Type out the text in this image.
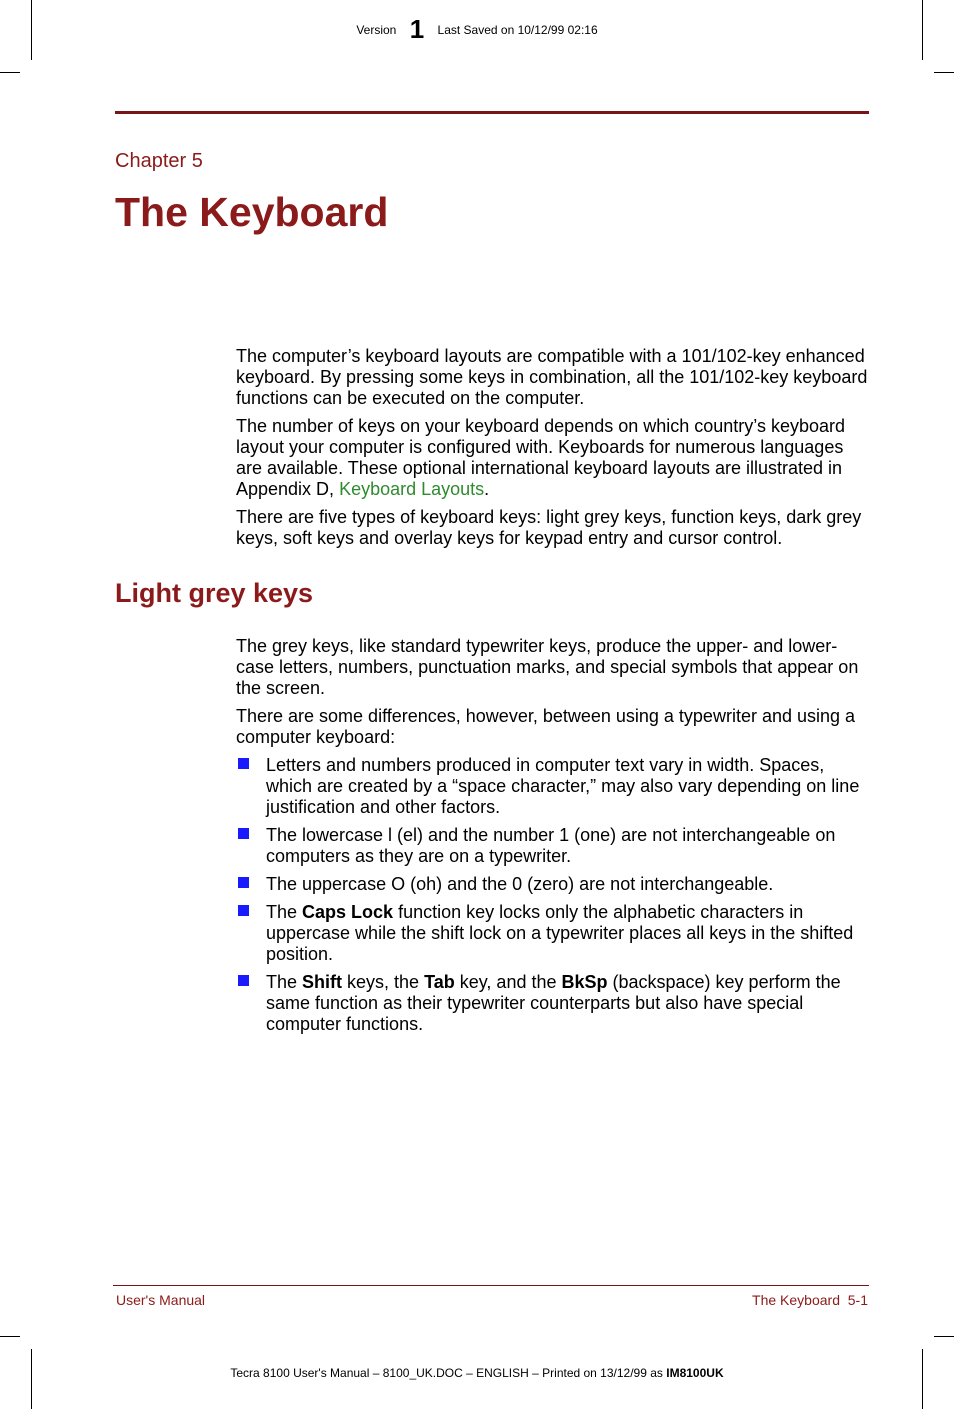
Version 1 Last Saved on 10/12/99 02:16
Chapter 5
The Keyboard

The computer’s keyboard layouts are compatible with a 101/102-key enhanced keyboard. By pressing some keys in combination, all the 101/102-key keyboard functions can be executed on the computer.

The number of keys on your keyboard depends on which country’s keyboard layout your computer is configured with. Keyboards for numerous languages are available. These optional international keyboard layouts are illustrated in Appendix D, Keyboard Layouts.

There are five types of keyboard keys: light grey keys, function keys, dark grey keys, soft keys and overlay keys for keypad entry and cursor control.

Light grey keys

The grey keys, like standard typewriter keys, produce the upper- and lower-case letters, numbers, punctuation marks, and special symbols that appear on the screen.

There are some differences, however, between using a typewriter and using a computer keyboard:

Letters and numbers produced in computer text vary in width. Spaces, which are created by a “space character,” may also vary depending on line justification and other factors.
The lowercase l (el) and the number 1 (one) are not interchangeable on computers as they are on a typewriter.
The uppercase O (oh) and the 0 (zero) are not interchangeable.
The Caps Lock function key locks only the alphabetic characters in uppercase while the shift lock on a typewriter places all keys in the shifted position.
The Shift keys, the Tab key, and the BkSp (backspace) key perform the same function as their typewriter counterparts but also have special computer functions.
User's Manual	The Keyboard  5-1
Tecra 8100 User's Manual – 8100_UK.DOC – ENGLISH – Printed on 13/12/99 as IM8100UK
